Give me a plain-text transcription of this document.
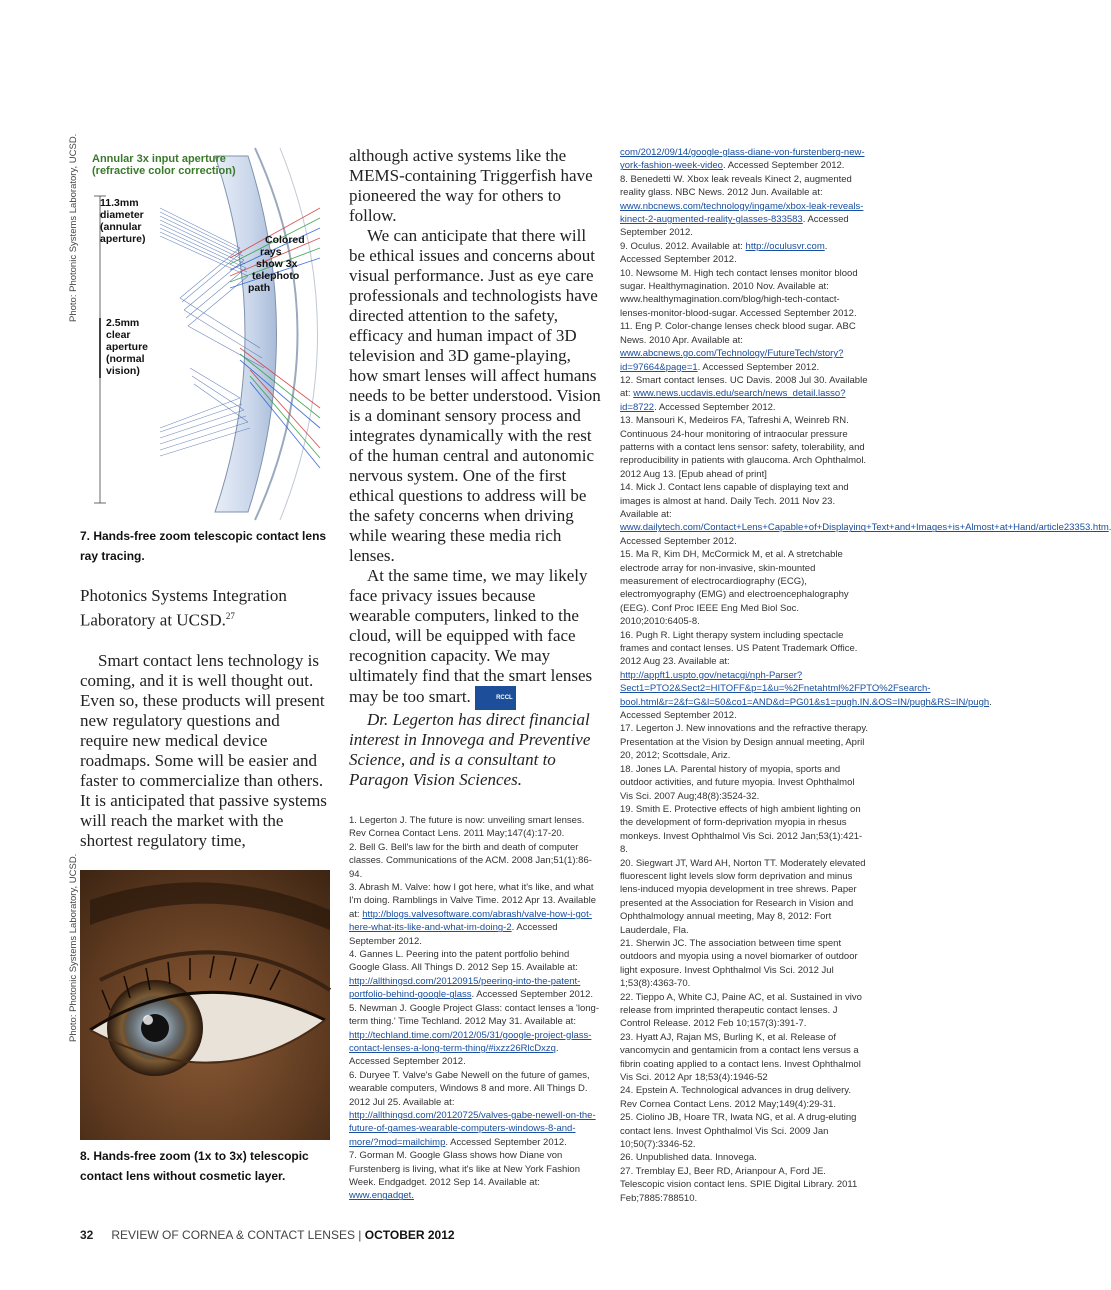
Photo: Photonic Systems Laboratory, UCSD.
Photo: Photonic Systems Laboratory, UCSD.
Annular 3x input aperture
(refractive color correction)
11.3mm
diameter
(annular
aperture)
2.5mm
clear
aperture
(normal
vision)
Colored
rays
show 3x
telephoto
path
7. Hands-free zoom telescopic contact lens ray tracing.

Photonics Systems Integration Laboratory at UCSD.$^{27}$

Smart contact lens technology is coming, and it is well thought out. Even so, these products will present new regulatory questions and require new medical device roadmaps. Some will be easier and faster to commercialize than others. It is anticipated that passive systems will reach the market with the shortest regulatory time,

8. Hands-free zoom (1x to 3x) telescopic contact lens without cosmetic layer.

although active systems like the MEMS-containing Triggerfish have pioneered the way for others to follow.

We can anticipate that there will be ethical issues and concerns about visual performance. Just as eye care professionals and technologists have directed attention to the safety, efficacy and human impact of 3D television and 3D game-playing, how smart lenses will affect humans needs to be better understood. Vision is a dominant sensory process and integrates dynamically with the rest of the human central and autonomic nervous system. One of the first ethical questions to address will be the safety concerns when driving while wearing these media rich lenses.

At the same time, we may likely face privacy issues because wearable computers, linked to the cloud, will be equipped with face recognition capacity. We may ultimately find that the smart lenses may be too smart.	RCCL

Dr. Legerton has direct financial interest in Innovega and Preventive Science, and is a consultant to Paragon Vision Sciences.

1. Legerton J. The future is now: unveiling smart lenses. Rev Cornea Contact Lens. 2011 May;147(4):17-20.

2. Bell G. Bell's law for the birth and death of computer classes. Communications of the ACM. 2008 Jan;51(1):86-94.

3. Abrash M. Valve: how I got here, what it's like, and what I'm doing. Ramblings in Valve Time. 2012 Apr 13. Available at: http://blogs.valvesoftware.com/abrash/valve-how-i-got-here-what-its-like-and-what-im-doing-2. Accessed September 2012.

4. Gannes L. Peering into the patent portfolio behind Google Glass. All Things D. 2012 Sep 15. Available at: http://allthingsd.com/20120915/peering-into-the-patent-portfolio-behind-google-glass. Accessed September 2012.

5. Newman J. Google Project Glass: contact lenses a 'long-term thing.' Time Techland. 2012 May 31. Available at: http://techland.time.com/2012/05/31/google-project-glass-contact-lenses-a-long-term-thing/#ixzz26RlcDxzq. Accessed September 2012.

6. Duryee T. Valve's Gabe Newell on the future of games, wearable computers, Windows 8 and more. All Things D. 2012 Jul 25. Available at: http://allthingsd.com/20120725/valves-gabe-newell-on-the-future-of-games-wearable-computers-windows-8-and-more/?mod=mailchimp. Accessed September 2012.

7. Gorman M. Google Glass shows how Diane von Furstenberg is living, what it's like at New York Fashion Week. Endgadget. 2012 Sep 14. Available at: www.engadget.

com/2012/09/14/google-glass-diane-von-furstenberg-new-york-fashion-week-video. Accessed September 2012.

8. Benedetti W. Xbox leak reveals Kinect 2, augmented reality glass. NBC News. 2012 Jun. Available at: www.nbcnews.com/technology/ingame/xbox-leak-reveals-kinect-2-augmented-reality-glasses-833583. Accessed September 2012.

9. Oculus. 2012. Available at: http://oculusvr.com. Accessed September 2012.

10. Newsome M. High tech contact lenses monitor blood sugar. Healthymagination. 2010 Nov. Available at: www.healthymagination.com/blog/high-tech-contact-lenses-monitor-blood-sugar. Accessed September 2012.

11. Eng P. Color-change lenses check blood sugar. ABC News. 2010 Apr. Available at: www.abcnews.go.com/Technology/FutureTech/story?id=97664&page=1. Accessed September 2012.

12. Smart contact lenses. UC Davis. 2008 Jul 30. Available at: www.news.ucdavis.edu/search/news_detail.lasso?id=8722. Accessed September 2012.

13. Mansouri K, Medeiros FA, Tafreshi A, Weinreb RN. Continuous 24-hour monitoring of intraocular pressure patterns with a contact lens sensor: safety, tolerability, and reproducibility in patients with glaucoma. Arch Ophthalmol. 2012 Aug 13. [Epub ahead of print]

14. Mick J. Contact lens capable of displaying text and images is almost at hand. Daily Tech. 2011 Nov 23. Available at: www.dailytech.com/Contact+Lens+Capable+of+Displaying+Text+and+Images+is+Almost+at+Hand/article23353.htm Accessed September 2012.

15. Ma R, Kim DH, McCormick M, et al. A stretchable electrode array for non-invasive, skin-mounted measurement of electrocardiography (ECG), electromyography (EMG) and electroencephalography (EEG). Conf Proc IEEE Eng Med Biol Soc. 2010;2010:6405-8.

16. Pugh R. Light therapy system including spectacle frames and contact lenses. US Patent Trademark Office. 2012 Aug 23. Available at: http://appft1.uspto.gov/netacgi/nph-Parser?Sect1=PTO2&Sect2=HITOFF&p=1&u=%2Fnetahtml%2FPTO%2Fsearch-bool.html&r=2&f=G&l=50&co1=AND&d=PG01&s1=pugh.IN.&OS=IN/pugh&RS=IN/pugh. Accessed September 2012.

17. Legerton J. New innovations and the refractive therapy. Presentation at the Vision by Design annual meeting, April 20, 2012; Scottsdale, Ariz.

18. Jones LA. Parental history of myopia, sports and outdoor activities, and future myopia. Invest Ophthalmol Vis Sci. 2007 Aug;48(8):3524-32.

19. Smith E. Protective effects of high ambient lighting on the development of form-deprivation myopia in rhesus monkeys. Invest Ophthalmol Vis Sci. 2012 Jan;53(1):421-8.

20. Siegwart JT, Ward AH, Norton TT. Moderately elevated fluorescent light levels slow form deprivation and minus lens-induced myopia development in tree shrews. Paper presented at the Association for Research in Vision and Ophthalmology annual meeting, May 8, 2012: Fort Lauderdale, Fla.

21. Sherwin JC. The association between time spent outdoors and myopia using a novel biomarker of outdoor light exposure. Invest Ophthalmol Vis Sci. 2012 Jul 1;53(8):4363-70.

22. Tieppo A, White CJ, Paine AC, et al. Sustained in vivo release from imprinted therapeutic contact lenses. J Control Release. 2012 Feb 10;157(3):391-7.

23. Hyatt AJ, Rajan MS, Burling K, et al. Release of vancomycin and gentamicin from a contact lens versus a fibrin coating applied to a contact lens. Invest Ophthalmol Vis Sci. 2012 Apr 18;53(4):1946-52

24. Epstein A. Technological advances in drug delivery. Rev Cornea Contact Lens. 2012 May;149(4):29-31.

25. Ciolino JB, Hoare TR, Iwata NG, et al. A drug-eluting contact lens. Invest Ophthalmol Vis Sci. 2009 Jan 10;50(7):3346-52.

26. Unpublished data. Innovega.

27. Tremblay EJ, Beer RD, Arianpour A, Ford JE. Telescopic vision contact lens. SPIE Digital Library. 2011 Feb;7885:788510.

32 REVIEW OF CORNEA & CONTACT LENSES | OCTOBER 2012
